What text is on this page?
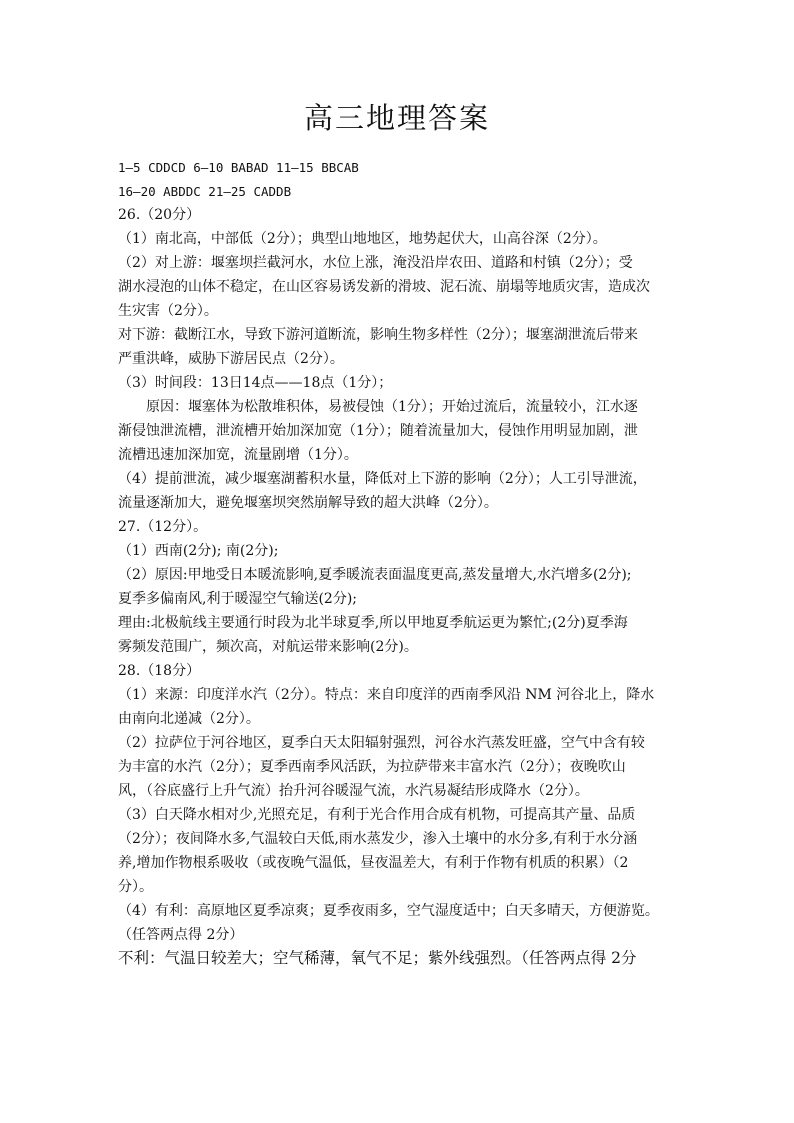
高三地理答案
1—5 CDDCD 6—10 BABAD 11—15 BBCAB
16—20 ABDDC 21—25 CADDB
26.（20分）
（1）南北高，中部低（2分）；典型山地地区，地势起伏大，山高谷深（2分）。
（2）对上游：堰塞坝拦截河水，水位上涨，淹没沿岸农田、道路和村镇（2分）；受
湖水浸泡的山体不稳定，在山区容易诱发新的滑坡、泥石流、崩塌等地质灾害，造成次
生灾害（2分）。
对下游：截断江水，导致下游河道断流，影响生物多样性（2分）；堰塞湖泄流后带来
严重洪峰，威胁下游居民点（2分）。
（3）时间段：13日14点——18点（1分）；
　　原因：堰塞体为松散堆积体，易被侵蚀（1分）；开始过流后，流量较小，江水逐
渐侵蚀泄流槽，泄流槽开始加深加宽（1分）；随着流量加大，侵蚀作用明显加剧，泄
流槽迅速加深加宽，流量剧增（1分）。
（4）提前泄流，减少堰塞湖蓄积水量，降低对上下游的影响（2分）；人工引导泄流，
流量逐渐加大，避免堰塞坝突然崩解导致的超大洪峰（2分）。
27.（12分）。
（1）西南(2分); 南(2分);
（2）原因:甲地受日本暖流影响,夏季暖流表面温度更高,蒸发量增大,水汽增多(2分);
夏季多偏南风,利于暖湿空气输送(2分);
理由:北极航线主要通行时段为北半球夏季,所以甲地夏季航运更为繁忙;(2分)夏季海
雾频发范围广，频次高，对航运带来影响(2分)。
28.（18分）
（1）来源：印度洋水汽（2分）。特点：来自印度洋的西南季风沿 NM 河谷北上，降水
由南向北递减（2分）。
（2）拉萨位于河谷地区，夏季白天太阳辐射强烈，河谷水汽蒸发旺盛，空气中含有较
为丰富的水汽（2分）；夏季西南季风活跃，为拉萨带来丰富水汽（2分）；夜晚吹山
风，（谷底盛行上升气流）抬升河谷暖湿气流，水汽易凝结形成降水（2分）。
（3）白天降水相对少,光照充足，有利于光合作用合成有机物，可提高其产量、品质
（2分）；夜间降水多,气温较白天低,雨水蒸发少，渗入土壤中的水分多,有利于水分涵
养,增加作物根系吸收（或夜晚气温低，昼夜温差大，有利于作物有机质的积累）（2
分）。
（4）有利：高原地区夏季凉爽；夏季夜雨多，空气湿度适中；白天多晴天，方便游览。
（任答两点得 2分）
不利：气温日较差大；空气稀薄，氧气不足；紫外线强烈。（任答两点得 2分
